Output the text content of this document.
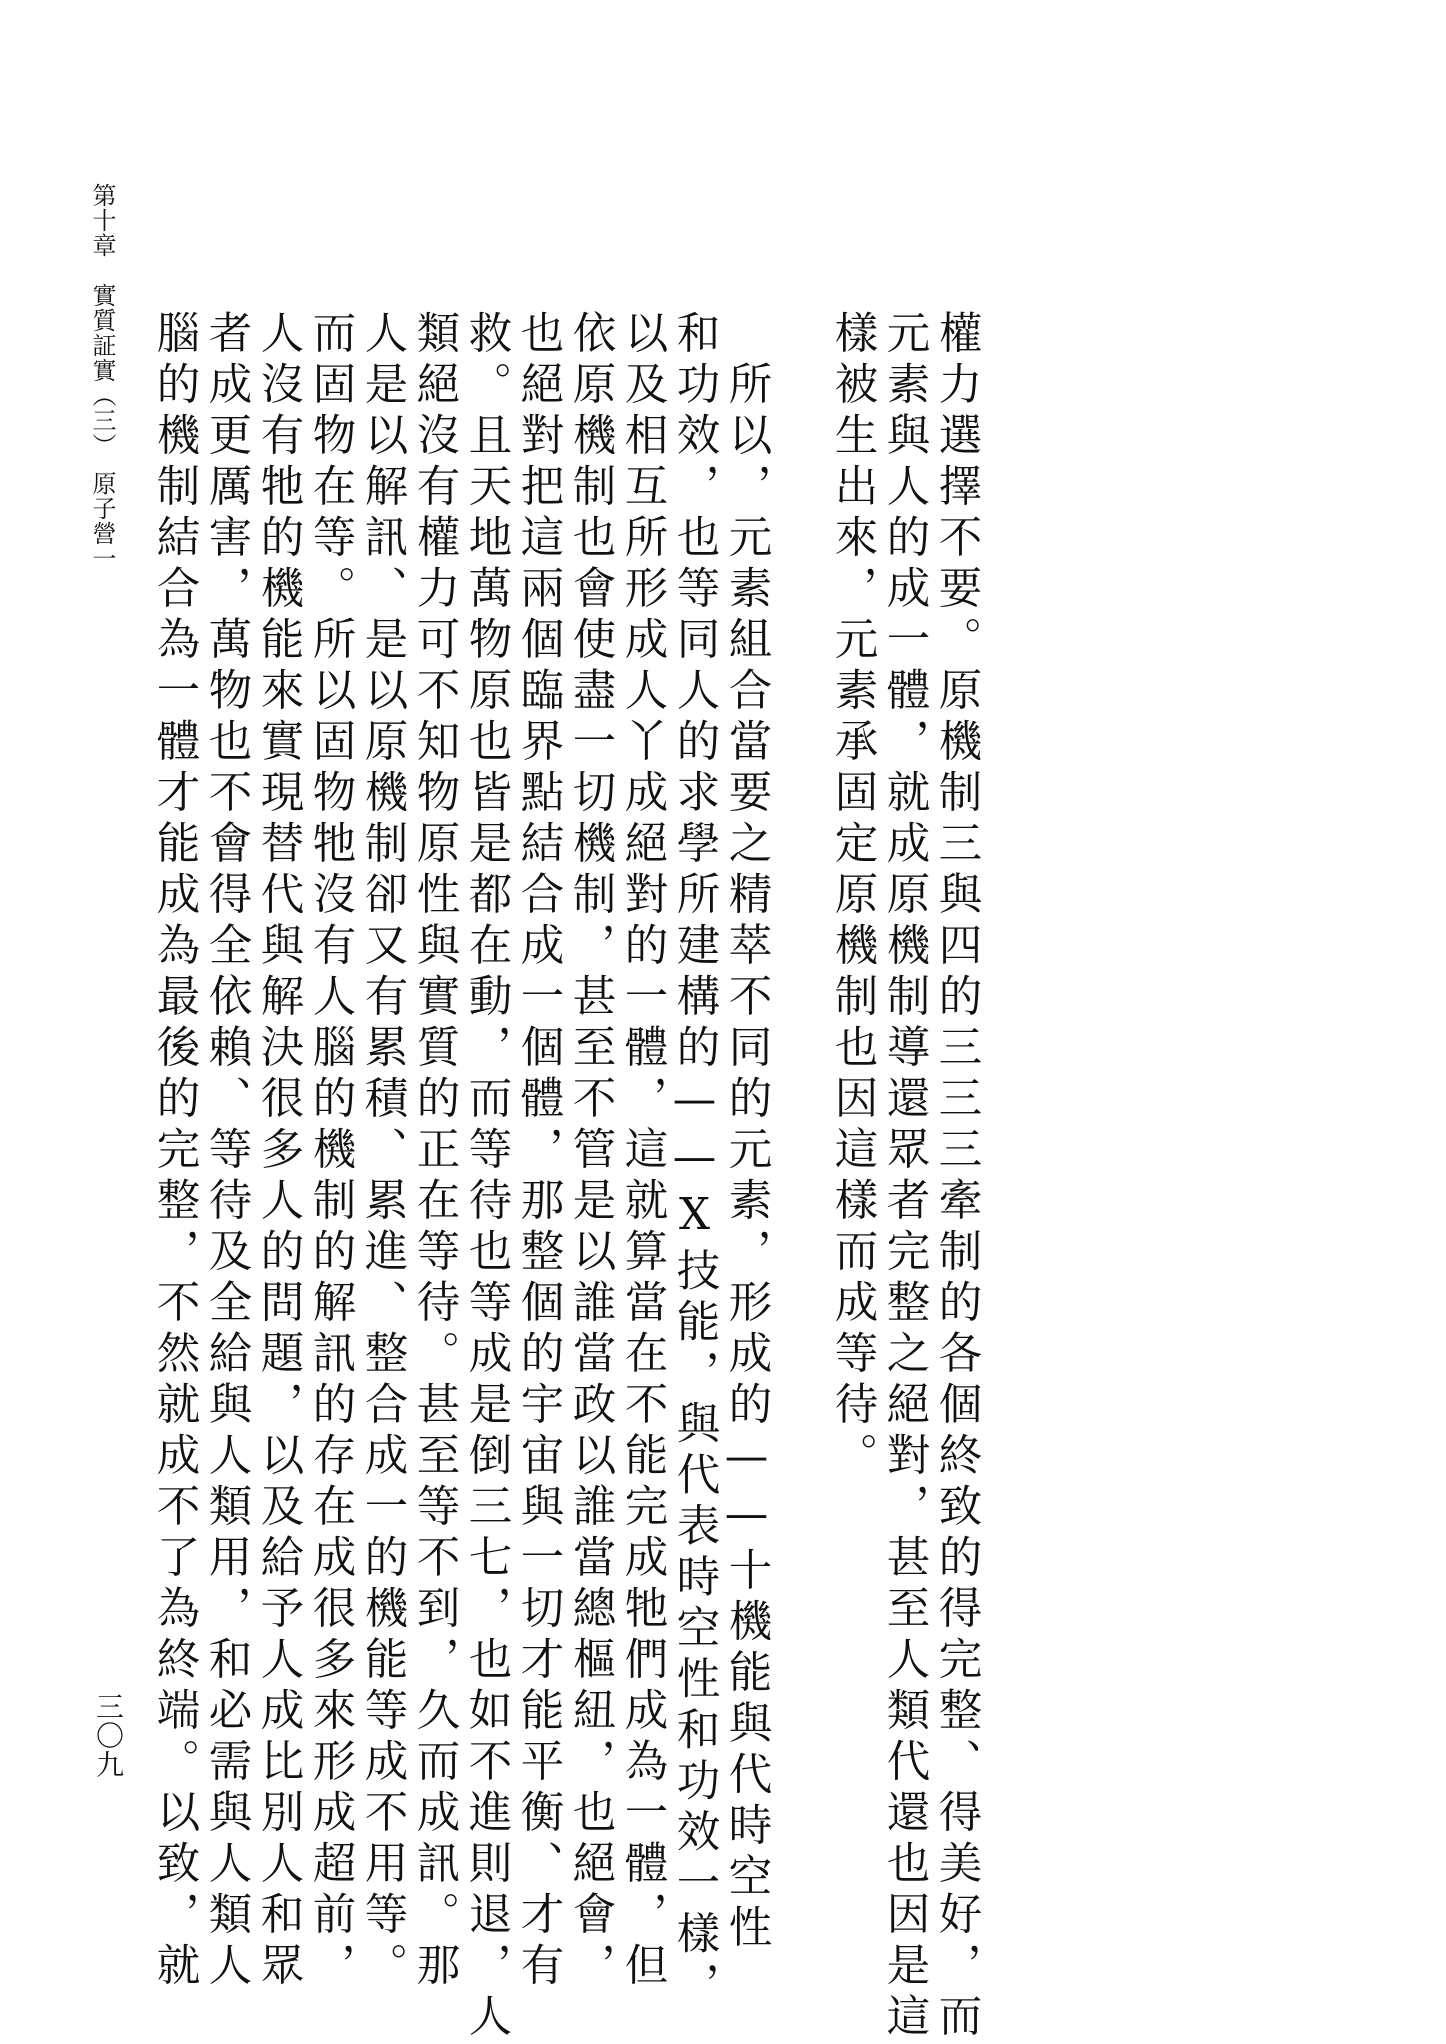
權力選擇不要。原機制三與四的三三三牽制的各個終致的得完整、得美好，而
元素與人的成一體，就成原機制導還眾者完整之絕對，甚至人類代還也因是這
樣被生出來，元素承固定原機制也因這樣而成等待。
　所以，元素組合當要之精萃不同的元素，形成的——十機能與代時空性
和功效，也等同人的求學所建構的——X技能，與代表時空性和功效一樣，
以及相互所形成人丫成絕對的一體，這就算當在不能完成牠們成為一體，但
依原機制也會使盡一切機制，甚至不管是以誰當政以誰當總樞紐，也絕會，
也絕對把這兩個臨界點結合成一個體，那整個的宇宙與一切才能平衡、才有
救。且天地萬物原也皆是都在動，而等待也等成是倒三七，也如不進則退，人
類絕沒有權力可不知物原性與實質的正在等待。甚至等不到，久而成訊。那
人是以解訊、是以原機制卻又有累積、累進、整合成一的機能等成不用等。
而固物在等。所以固物牠沒有人腦的機制的解訊的存在成很多來形成超前，
人沒有牠的機能來實現替代與解決很多人的問題，以及給予人成比別人和眾
者成更厲害，萬物也不會得全依賴、等待及全給與人類用，和必需與人類人
腦的機制結合為一體才能成為最後的完整，不然就成不了為終端。以致，就
第十章　實質証實（三）　原子營一
三〇九
